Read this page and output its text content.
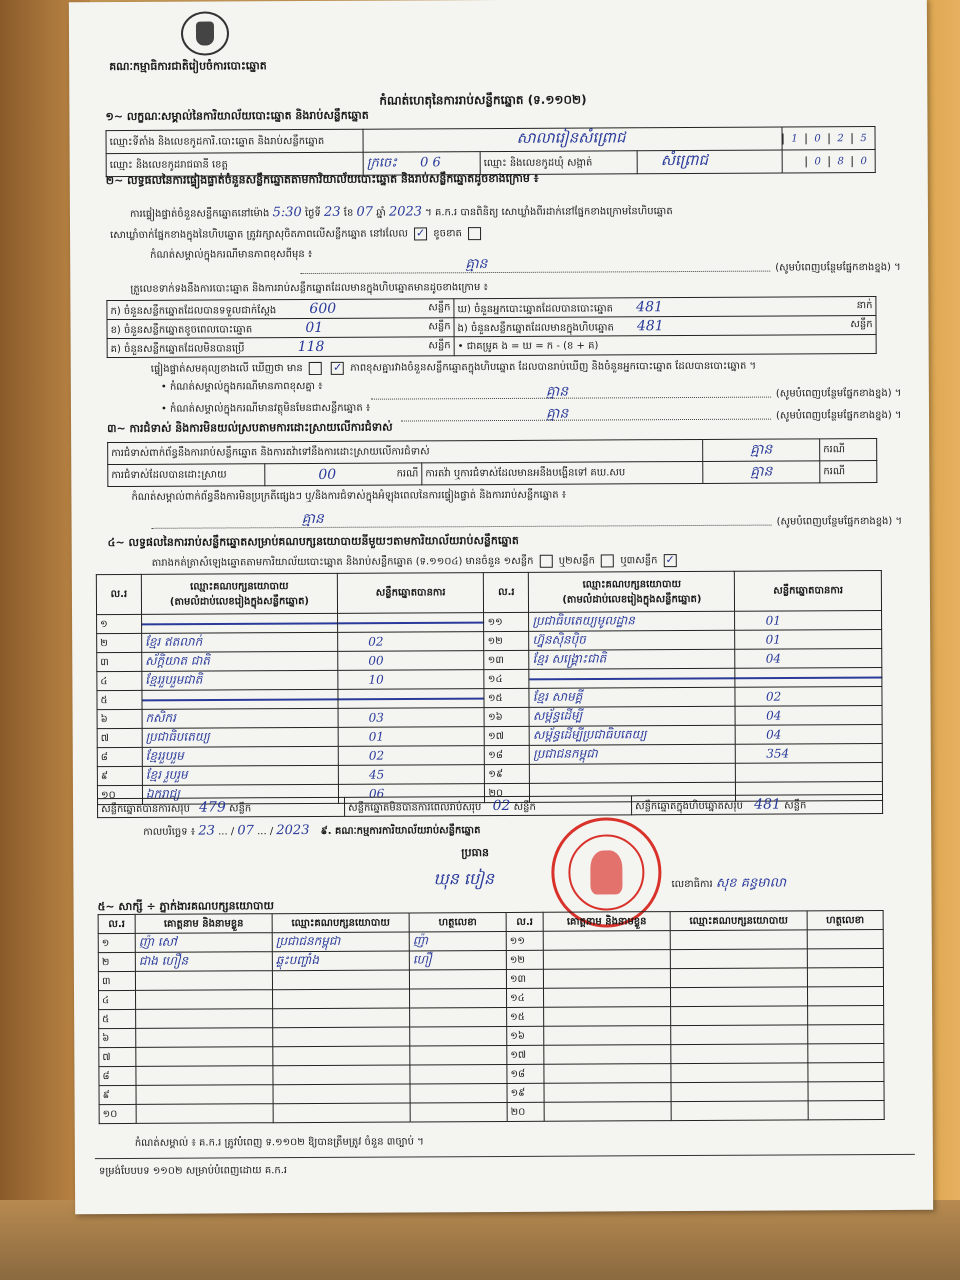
គណៈកម្មាធិការជាតិរៀបចំការបោះឆ្នោត
កំណត់ហេតុនៃការរាប់សន្លឹកឆ្នោត (ទ.១១០២)
១~ លក្ខណៈសម្គាល់នៃការិយាល័យបោះឆ្នោត និងរាប់សន្លឹកឆ្នោត
ឈ្មោះទីតាំង និងលេខកូដការិ.បោះឆ្នោត និងរាប់សន្លឹកឆ្នោត	សាលារៀនសំព្រោជ			1 0 2 5
ឈ្មោះ និងលេខកូដរាជធានី ខេត្ត	ក្រចេះ 0 6	ឈ្មោះ និងលេខកូដឃុំ សង្កាត់	សំព្រោជ	0 8 0
២~ លទ្ធផលនៃការផ្ទៀងផ្ទាត់ចំនួនសន្លឹកឆ្នោតតាមការិយាល័យបោះឆ្នោត និងរាប់សន្លឹកឆ្នោតដូចខាងក្រោម ៖
ការផ្ទៀងផ្ទាត់ចំនួនសន្លឹកឆ្នោតនៅម៉ោង 5:30 ថ្ងៃទី 23 ខែ 07 ឆ្នាំ 2023 ។ គ.ក.រ បានពិនិត្យ សោឃ្លាំងពីរដាក់នៅផ្នែកខាងក្រោមនៃហិបឆ្នោត
សោឃ្លាំចាក់ផ្នែកខាងក្នុងនៃហិបឆ្នោត ត្រូវរក្សាសុចិតភាពលើសន្លឹកឆ្នោត នៅរលែល ✓ ខូចខាត
កំណត់សម្គាល់ក្នុងករណីមានភាពខុសពីមុន ៖
គ្មាន	(សូមបំពេញបន្ថែមផ្នែកខាងខ្នង) ។
ត្រួលេខទាក់ទងនឹងការបោះឆ្នោត និងការរាប់សន្លឹកឆ្នោតដែលមានក្នុងហិបឆ្នោតមានដូចខាងក្រោម ៖
ក) ចំនួនសន្លឹកឆ្នោតដែលបានទទួលជាក់ស្តែង 600 សន្លឹក	ឃ) ចំនួនអ្នកបោះឆ្នោតដែលបានបោះឆ្នោត 481 នាក់

ខ) ចំនួនសន្លឹកឆ្នោតខូចពេលបោះឆ្នោត 01 សន្លឹក	ង) ចំនួនសន្លឹកឆ្នោតដែលមានក្នុងហិបឆ្នោត 481 សន្លឹក

គ) ចំនួនសន្លឹកឆ្នោតដែលមិនបានប្រើ 118 សន្លឹក	• ជាគម្រូគ ង = ឃ = ក - (ខ + គ)
ផ្ទៀងផ្ទាត់សមតុល្យខាងលើ ឃើញថា មាន	✓ ភាពខុសគ្នារវាងចំនួនសន្លឹកឆ្នោតក្នុងហិបឆ្នោត ដែលបានរាប់ឃើញ និងចំនួនអ្នកបោះឆ្នោត ដែលបានបោះឆ្នោត ។
• កំណត់សម្គាល់ក្នុងករណីមានភាពខុសគ្នា ៖	គ្មាន	(សូមបំពេញបន្ថែមផ្នែកខាងខ្នង) ។
• កំណត់សម្គាល់ក្នុងករណីមានវត្ថុមិនមែនជាសន្លឹកឆ្នោត ៖	គ្មាន	(សូមបំពេញបន្ថែមផ្នែកខាងខ្នង) ។
៣~ ការជំទាស់ និងការមិនយល់ស្របតាមការដោះស្រាយលើការជំទាស់
ការជំទាស់ពាក់ព័ន្ធនឹងការរាប់សន្លឹកឆ្នោត និងការតវ៉ាទៅនឹងការដោះស្រាយលើការជំទាស់			គ្មាន	ករណី
ការជំទាស់ដែលបានដោះស្រាយ	00 ករណី	ការតវ៉ា ឬការជំទាស់ដែលមានអនឹងបង្ហើនទៅ គឃ.សប	គ្មាន	ករណី
កំណត់សម្គាល់ពាក់ព័ន្ធនឹងការមិនប្រក្រតីផ្សេងៗ ឬ/និងការជំទាស់ក្នុងអំឡុងពេលនៃការផ្ទៀងផ្ទាត់ និងការរាប់សន្លឹកឆ្នោត ៖
គ្មាន	(សូមបំពេញបន្ថែមផ្នែកខាងខ្នង) ។
៤~ លទ្ធផលនៃការរាប់សន្លឹកឆ្នោតសម្រាប់គណបក្សនយោបាយនីមួយៗតាមការិយាល័យរាប់សន្លឹកឆ្នោត
តារាងកត់ត្រាសំឡេងឆ្នោតតាមការិយាល័យបោះឆ្នោត និងរាប់សន្លឹកឆ្នោត (ទ.១១០៤) មានចំនួន ១សន្លឹក	ឬ២សន្លឹក	ឬ៣សន្លឹក ✓
ល.រ	ឈ្មោះគណបក្សនយោបាយ
(តាមលំដាប់លេខរៀងក្នុងសន្លឹកឆ្នោត)	សន្លឹកឆ្នោតបានការ	ល.រ	ឈ្មោះគណបក្សនយោបាយ
(តាមលំដាប់លេខរៀងក្នុងសន្លឹកឆ្នោត)	សន្លឹកឆ្នោតបានការ
១			១១	ប្រជាធិបតេយ្យមូលដ្ឋាន	01
២	ខ្មែរ ឥតលាក់	02	១២	ហ្វ៊ុនស៊ិនប៉ិច	01
៣	ស័ក្តិយាត ជាតិ	00	១៣	ខ្មែរ សង្គ្រោះជាតិ	04
៤	ខ្មែររួបរួមជាតិ	10	១៤		
៥			១៥	ខ្មែរ សាមគ្គី	02
៦	កសិករ	03	១៦	សម្ព័ន្ធដើម្បី	04
៧	ប្រជាធិបតេយ្យ	01	១៧	សម្ព័ន្ធដើម្បីប្រជាធិបតេយ្យ	04
៨	ខ្មែររួបរួម	02	១៨	ប្រជាជនកម្ពុជា	354
៩	ខ្មែរ រួបរួម	45	១៩		
១០	ឯករាជ្យ	06	២០		
សន្លឹកឆ្នោតបានការសរុប 479 សន្លឹក	សន្លឹកឆ្នោតមិនបានការពេលរាប់សរុប 02 សន្លឹក	សន្លឹកឆ្នោតក្នុងហិបឆ្នោតសរុប 481 សន្លឹក
កាលបរិច្ឆេទ ៖ 23 ... / 07 ... / 2023 ៩. គណៈកម្មការការិយាល័យរាប់សន្លឹកឆ្នោត
ប្រធាន
ឃុន បៀន	លេខាធិការ សុខ គន្ធមាលា
៥~ សាក្សី ÷ ភ្នាក់ងារគណបក្សនយោបាយ
ល.រ	គោត្តនាម និងនាមខ្លួន	ឈ្មោះគណបក្សនយោបាយ	ហត្ថលេខា	ល.រ	គោត្តនាម និងនាមខ្លួន	ឈ្មោះគណបក្សនយោបាយ	ហត្ថលេខា
១	ញ៉ា សៅ	ប្រជាជនកម្ពុជា	ញ៉ា	១១			
២	ជាង ហឿន	ឆ្លុះបញ្ចាំង	ហឿ	១២			
៣				១៣			
៤				១៤			
៥				១៥			
៦				១៦			
៧				១៧			
៨				១៨			
៩				១៩			
១០				២០			
កំណត់សម្គាល់ ៖ គ.ក.រ ត្រូវបំពេញ ទ.១១០២ ឱ្យបានត្រឹមត្រូវ ចំនួន ៣ច្បាប់ ។
ទម្រង់បែបបទ ១១០២ សម្រាប់បំពេញដោយ គ.ក.រ
